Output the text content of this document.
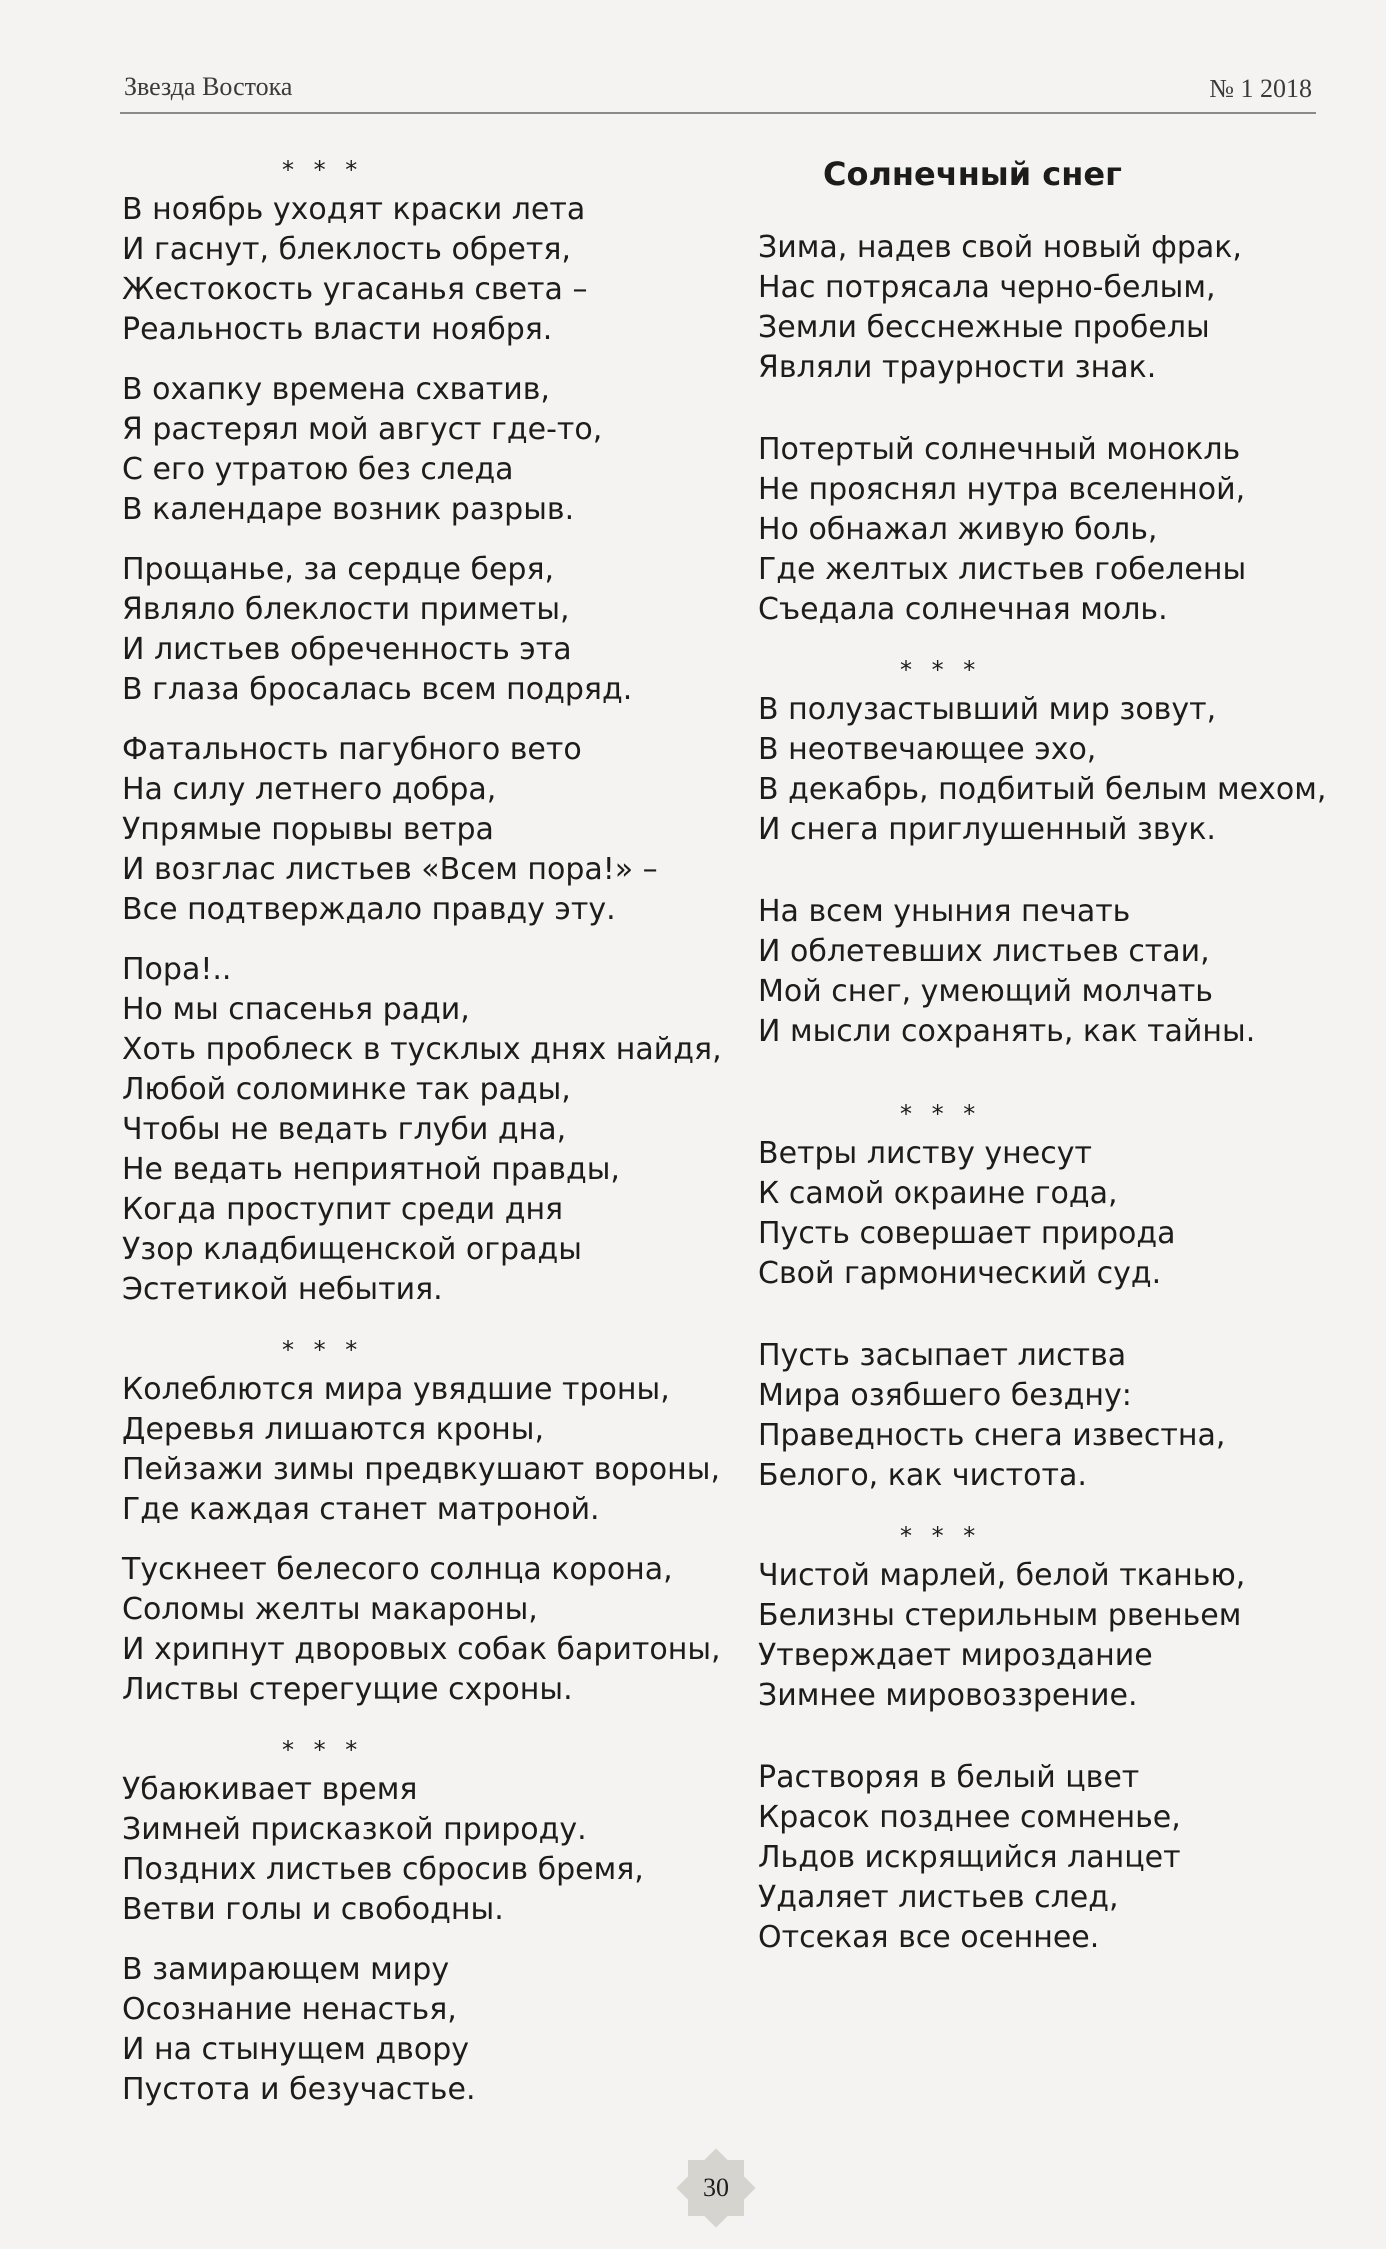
Звезда Востока	№ 1 2018
* * *
В ноябрь уходят краски лета
И гаснут, блеклость обретя,
Жестокость угасанья света –
Реальность власти ноября.
В охапку времена схватив,
Я растерял мой август где-то,
С его утратою без следа
В календаре возник разрыв.
Прощанье, за сердце беря,
Являло блеклости приметы,
И листьев обреченность эта
В глаза бросалась всем подряд.
Фатальность пагубного вето
На силу летнего добра,
Упрямые порывы ветра
И возглас листьев «Всем пора!» –
Все подтверждало правду эту.
Пора!..
Но мы спасенья ради,
Хоть проблеск в тусклых днях найдя,
Любой соломинке так рады,
Чтобы не ведать глуби дна,
Не ведать неприятной правды,
Когда проступит среди дня
Узор кладбищенской ограды
Эстетикой небытия.
* * *
Колеблются мира увядшие троны,
Деревья лишаются кроны,
Пейзажи зимы предвкушают вороны,
Где каждая станет матроной.
Тускнеет белесого солнца корона,
Соломы желты макароны,
И хрипнут дворовых собак баритоны,
Листвы стерегущие схроны.
* * *
Убаюкивает время
Зимней присказкой природу.
Поздних листьев сбросив бремя,
Ветви голы и свободны.
В замирающем миру
Осознание ненастья,
И на стынущем двору
Пустота и безучастье.
Солнечный снег
Зима, надев свой новый фрак,
Нас потрясала черно-белым,
Земли бесснежные пробелы
Являли траурности знак.
Потертый солнечный монокль
Не прояснял нутра вселенной,
Но обнажал живую боль,
Где желтых листьев гобелены
Съедала солнечная моль.
* * *
В полузастывший мир зовут,
В неотвечающее эхо,
В декабрь, подбитый белым мехом,
И снега приглушенный звук.
На всем уныния печать
И облетевших листьев стаи,
Мой снег, умеющий молчать
И мысли сохранять, как тайны.
* * *
Ветры листву унесут
К самой окраине года,
Пусть совершает природа
Свой гармонический суд.
Пусть засыпает листва
Мира озябшего бездну:
Праведность снега известна,
Белого, как чистота.
* * *
Чистой марлей, белой тканью,
Белизны стерильным рвеньем
Утверждает мироздание
Зимнее мировоззрение.
Растворяя в белый цвет
Красок позднее сомненье,
Льдов искрящийся ланцет
Удаляет листьев след,
Отсекая все осеннее.
30
